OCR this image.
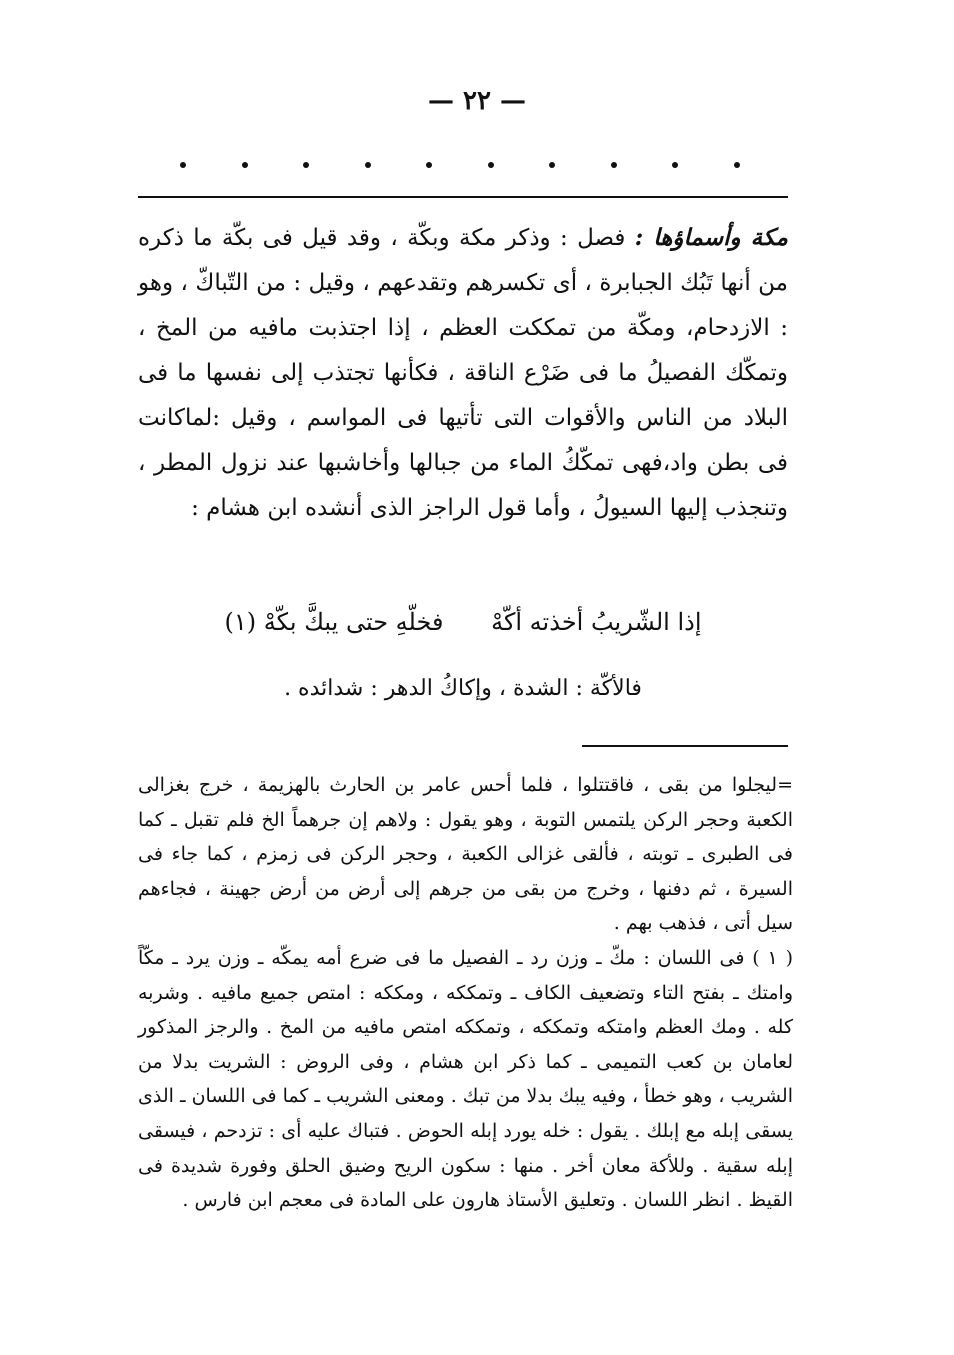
— ٢٢ —

مكة وأسماؤها : فصل : وذكر مكة وبكّة ، وقد قيل فى بكّة ما ذكره من أنها تَبُك الجبابرة ، أى تكسرهم وتقدعهم ، وقيل : من التّباكّ ، وهو : الازدحام، ومكّة من تمككت العظم ، إذا اجتذبت مافيه من المخ ، وتمكّك الفصيلُ ما فى ضَرْع الناقة ، فكأنها تجتذب إلى نفسها ما فى البلاد من الناس والأقوات التى تأتيها فى المواسم ، وقيل :لماكانت فى بطن واد،فهى تمكّكُ الماء من جبالها وأخاشبها عند نزول المطر ، وتنجذب إليها السيولُ ، وأما قول الراجز الذى أنشده ابن هشام :

إذا الشّريبُ أخذته أكّهْ فخلّهِ حتى يبكَّ بكّهْ (١)
فالأكّة : الشدة ، وإكاكُ الدهر : شدائده .

=ليجلوا من بقى ، فاقتتلوا ، فلما أحس عامر بن الحارث بالهزيمة ، خرج بغزالى الكعبة وحجر الركن يلتمس التوبة ، وهو يقول : ولاهم إن جرهماً الخ فلم تقبل ـ كما فى الطبرى ـ توبته ، فألقى غزالى الكعبة ، وحجر الركن فى زمزم ، كما جاء فى السيرة ، ثم دفنها ، وخرج من بقى من جرهم إلى أرض من أرض جهينة ، فجاءهم سيل أتى ، فذهب بهم .

( ١ ) فى اللسان : مكّ ـ وزن رد ـ الفصيل ما فى ضرع أمه يمكّه ـ وزن يرد ـ مكّاً وامتك ـ بفتح التاء وتضعيف الكاف ـ وتمككه ، ومككه : امتص جميع مافيه . وشربه كله . ومك العظم وامتكه وتمككه ، وتمككه امتص مافيه من المخ . والرجز المذكور لعامان بن كعب التميمى ـ كما ذكر ابن هشام ، وفى الروض : الشريت بدلا من الشريب ، وهو خطأ ، وفيه يبك بدلا من تبك . ومعنى الشريب ـ كما فى اللسان ـ الذى يسقى إبله مع إبلك . يقول : خله يورد إبله الحوض . فتباك عليه أى : تزدحم ، فيسقى إبله سقية . وللأكة معان أخر . منها : سكون الريح وضيق الحلق وفورة شديدة فى القيظ . انظر اللسان . وتعليق الأستاذ هارون على المادة فى معجم ابن فارس .
